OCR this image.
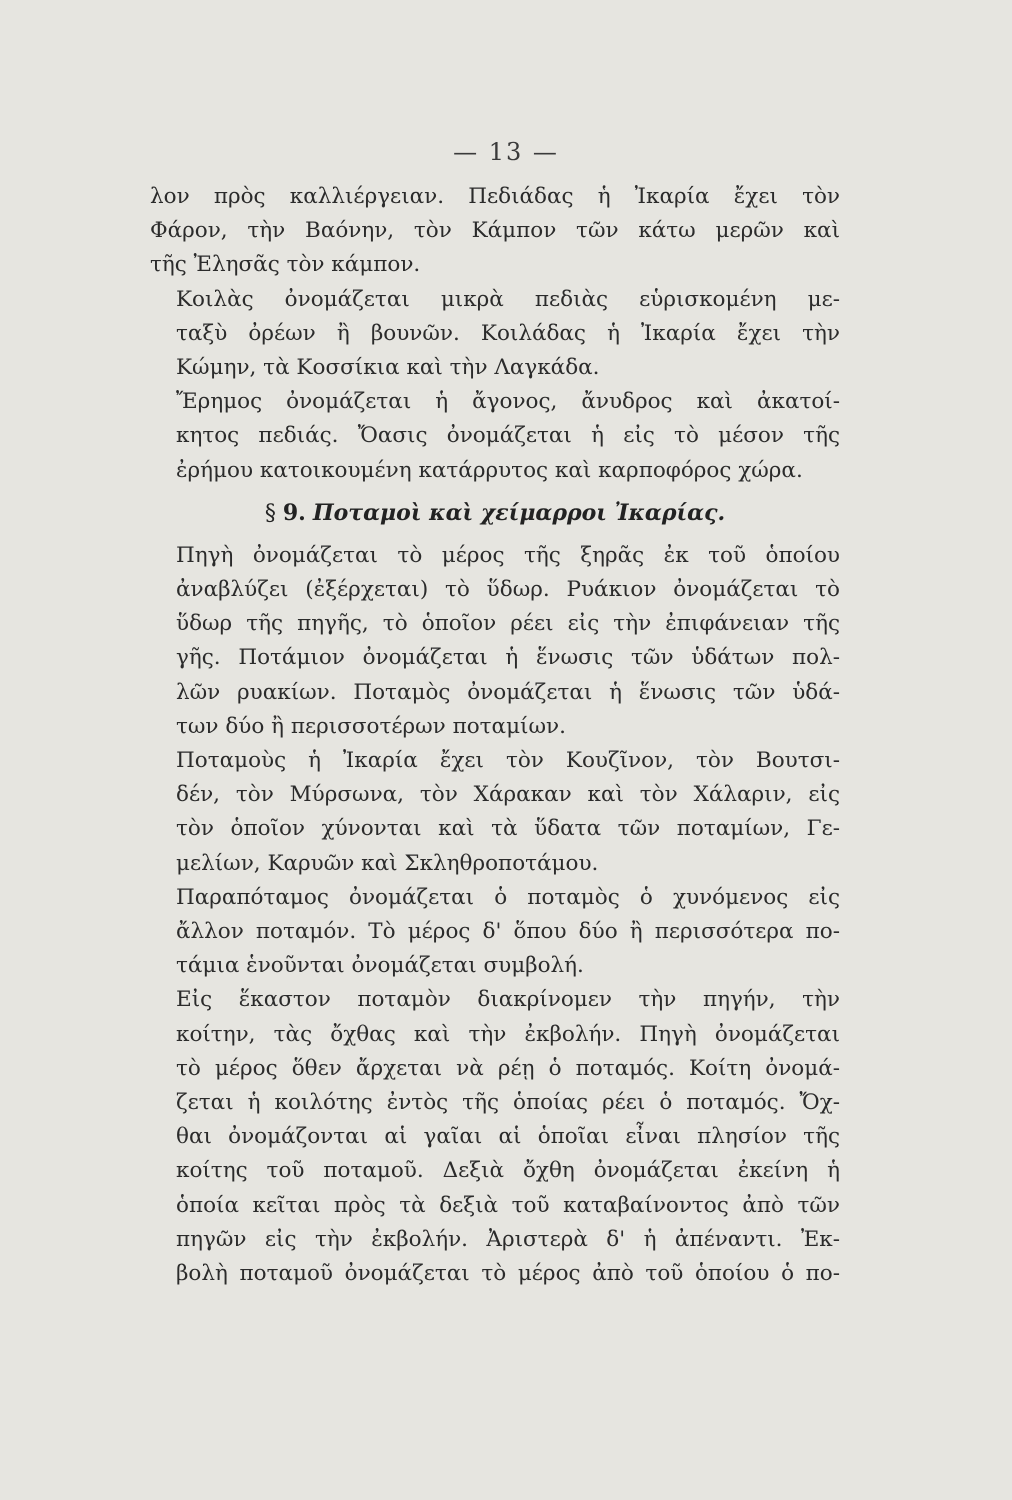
— 13 —
λον πρὸς καλλιέργειαν. Πεδιάδας ἡ Ἰκαρία ἔχει τὸν
Φάρον, τὴν Βαόνην, τὸν Κάμπον τῶν κάτω μερῶν καὶ
τῆς Ἐλησᾶς τὸν κάμπον.
Κοιλὰς ὀνομάζεται μικρὰ πεδιὰς εὑρισκομένη με-
ταξὺ ὀρέων ἢ βουνῶν. Κοιλάδας ἡ Ἰκαρία ἔχει τὴν
Κώμην, τὰ Κοσσίκια καὶ τὴν Λαγκάδα.
Ἔρημος ὀνομάζεται ἡ ἄγονος, ἄνυδρος καὶ ἀκατοί-
κητος πεδιάς. Ὄασις ὀνομάζεται ἡ εἰς τὸ μέσον τῆς
ἐρήμου κατοικουμένη κατάρρυτος καὶ καρποφόρος χώρα.
§ 9. Ποταμοὶ καὶ χείμαρροι Ἰκαρίας.
Πηγὴ ὀνομάζεται τὸ μέρος τῆς ξηρᾶς ἐκ τοῦ ὁποίου
ἀναβλύζει (ἐξέρχεται) τὸ ὕδωρ. Ρυάκιον ὀνομάζεται τὸ
ὕδωρ τῆς πηγῆς, τὸ ὁποῖον ρέει εἰς τὴν ἐπιφάνειαν τῆς
γῆς. Ποτάμιον ὀνομάζεται ἡ ἕνωσις τῶν ὑδάτων πολ-
λῶν ρυακίων. Ποταμὸς ὀνομάζεται ἡ ἕνωσις τῶν ὑδά-
των δύο ἢ περισσοτέρων ποταμίων.
Ποταμοὺς ἡ Ἰκαρία ἔχει τὸν Κουζῖνον, τὸν Βουτσι-
δέν, τὸν Μύρσωνα, τὸν Χάρακαν καὶ τὸν Χάλαριν, εἰς
τὸν ὁποῖον χύνονται καὶ τὰ ὕδατα τῶν ποταμίων, Γε-
μελίων, Καρυῶν καὶ Σκληθροποτάμου.
Παραπόταμος ὀνομάζεται ὁ ποταμὸς ὁ χυνόμενος εἰς
ἄλλον ποταμόν. Τὸ μέρος δ' ὅπου δύο ἢ περισσότερα πο-
τάμια ἑνοῦνται ὀνομάζεται συμβολή.
Εἰς ἕκαστον ποταμὸν διακρίνομεν τὴν πηγήν, τὴν
κοίτην, τὰς ὄχθας καὶ τὴν ἐκβολήν. Πηγὴ ὀνομάζεται
τὸ μέρος ὅθεν ἄρχεται νὰ ρέῃ ὁ ποταμός. Κοίτη ὀνομά-
ζεται ἡ κοιλότης ἐντὸς τῆς ὁποίας ρέει ὁ ποταμός. Ὄχ-
θαι ὀνομάζονται αἱ γαῖαι αἱ ὁποῖαι εἶναι πλησίον τῆς
κοίτης τοῦ ποταμοῦ. Δεξιὰ ὄχθη ὀνομάζεται ἐκείνη ἡ
ὁποία κεῖται πρὸς τὰ δεξιὰ τοῦ καταβαίνοντος ἀπὸ τῶν
πηγῶν εἰς τὴν ἐκβολήν. Ἀριστερὰ δ' ἡ ἀπέναντι. Ἐκ-
βολὴ ποταμοῦ ὀνομάζεται τὸ μέρος ἀπὸ τοῦ ὁποίου ὁ πο-
